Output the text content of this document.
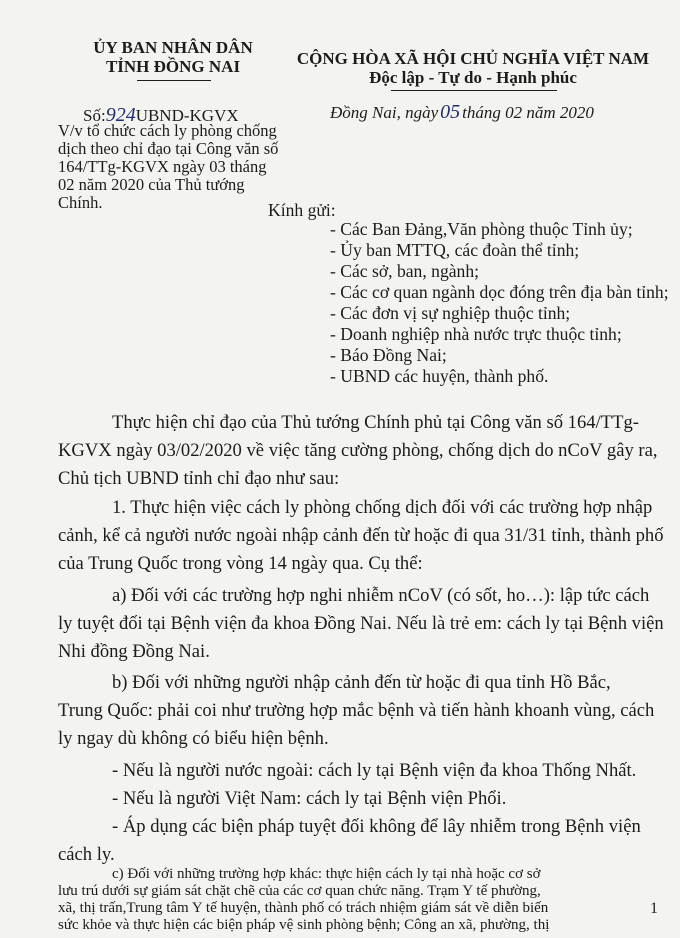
ỦY BAN NHÂN DÂN
TỈNH ĐỒNG NAI	CỘNG HÒA XÃ HỘI CHỦ NGHĨA VIỆT NAM
Độc lập - Tự do - Hạnh phúc
Số:924UBND-KGVX	Đồng Nai, ngày 05 tháng 02 năm 2020
V/v tổ chức cách ly phòng chống
dịch theo chỉ đạo tại Công văn số
164/TTg-KGVX ngày 03 tháng
02 năm 2020 của Thủ tướng
Chính.	Kính gửi:
- Các Ban Đảng,Văn phòng thuộc Tỉnh ủy;
- Ủy ban MTTQ, các đoàn thể tỉnh;
- Các sở, ban, ngành;
- Các cơ quan ngành dọc đóng trên địa bàn tỉnh;
- Các đơn vị sự nghiệp thuộc tỉnh;
- Doanh nghiệp nhà nước trực thuộc tỉnh;
- Báo Đồng Nai;
- UBND các huyện, thành phố.
Thực hiện chỉ đạo của Thủ tướng Chính phủ tại Công văn số 164/TTg-
KGVX ngày 03/02/2020 về việc tăng cường phòng, chống dịch do nCoV gây ra,
Chủ tịch UBND tỉnh chỉ đạo như sau:
1. Thực hiện việc cách ly phòng chống dịch đối với các trường hợp nhập
cảnh, kể cả người nước ngoài nhập cảnh đến từ hoặc đi qua 31/31 tỉnh, thành phố
của Trung Quốc trong vòng 14 ngày qua. Cụ thể:
a) Đối với các trường hợp nghi nhiễm nCoV (có sốt, ho…): lập tức cách
ly tuyệt đối tại Bệnh viện đa khoa Đồng Nai. Nếu là trẻ em: cách ly tại Bệnh viện
Nhi đồng Đồng Nai.
b) Đối với những người nhập cảnh đến từ hoặc đi qua tỉnh Hồ Bắc,
Trung Quốc: phải coi như trường hợp mắc bệnh và tiến hành khoanh vùng, cách
ly ngay dù không có biểu hiện bệnh.
- Nếu là người nước ngoài: cách ly tại Bệnh viện đa khoa Thống Nhất.
- Nếu là người Việt Nam: cách ly tại Bệnh viện Phổi.
- Áp dụng các biện pháp tuyệt đối không để lây nhiễm trong Bệnh viện
cách ly.
c) Đối với những trường hợp khác: thực hiện cách ly tại nhà hoặc cơ sở
lưu trú dưới sự giám sát chặt chẽ của các cơ quan chức năng. Trạm Y tế phường,
xã, thị trấn,Trung tâm Y tế huyện, thành phố có trách nhiệm giám sát về diễn biến
sức khỏe và thực hiện các biện pháp vệ sinh phòng bệnh; Công an xã, phường, thị
1
